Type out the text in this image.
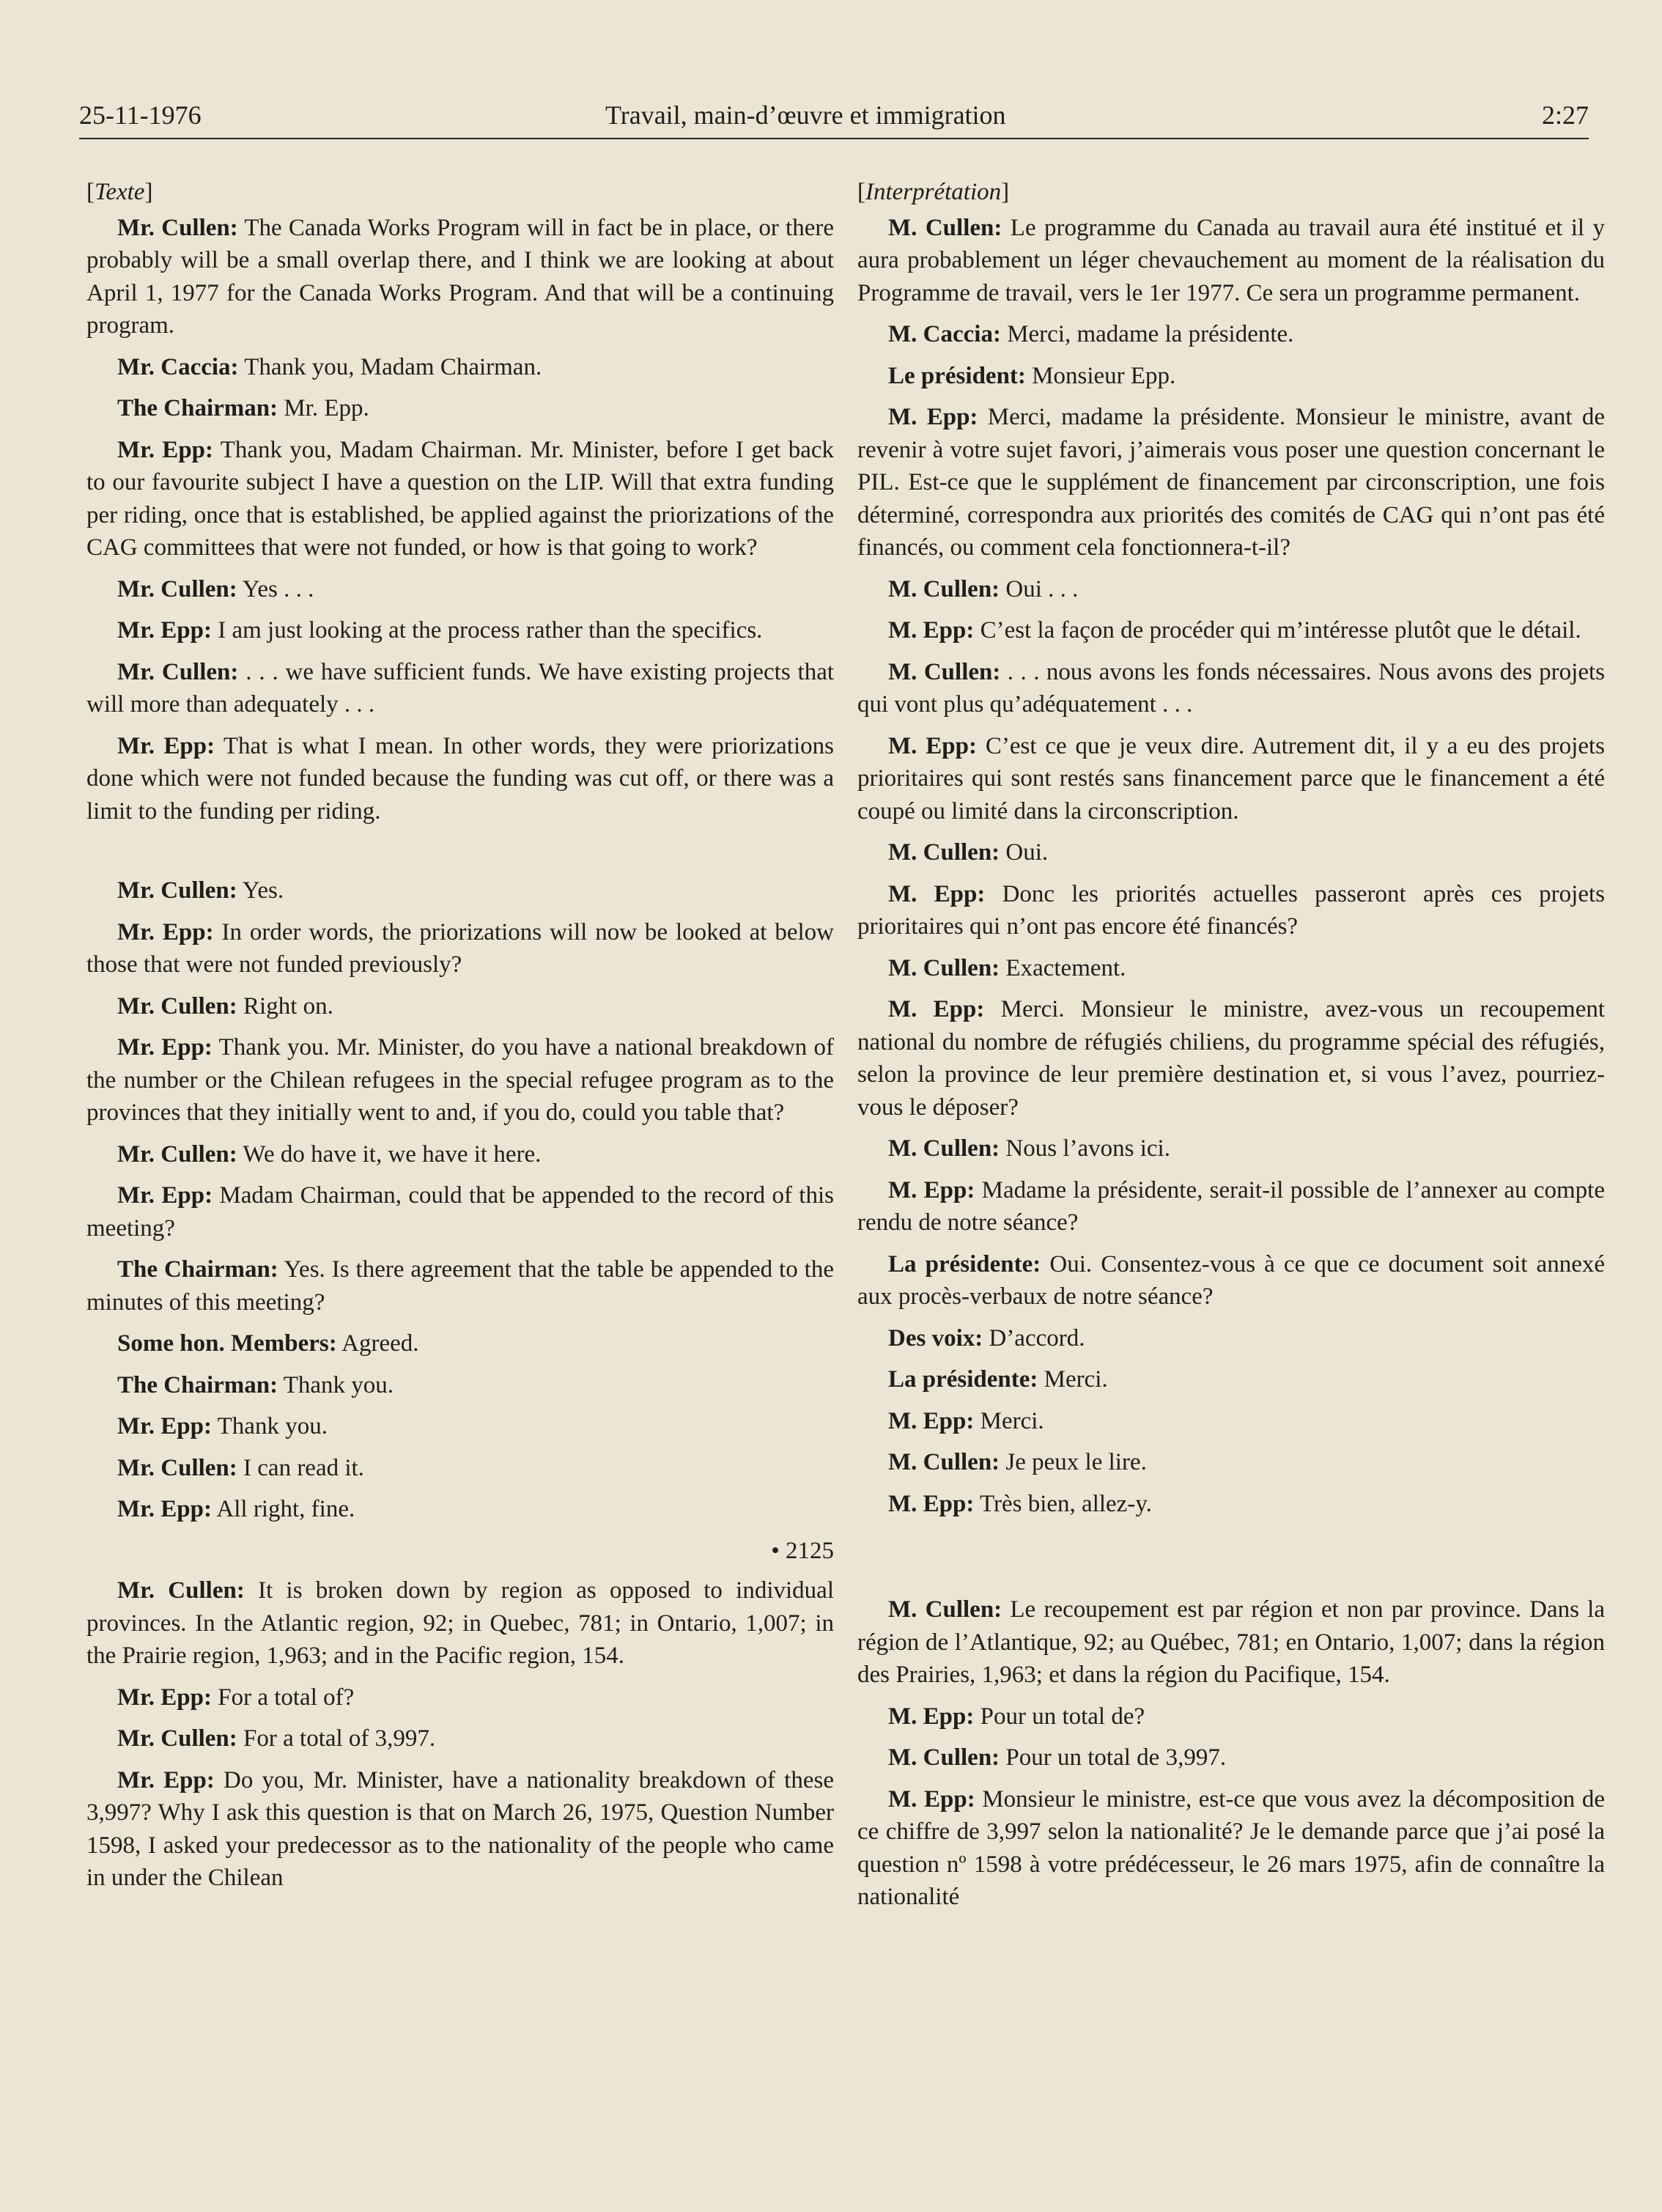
25-11-1976	Travail, main-d’œuvre et immigration	2:27

[Texte]

Mr. Cullen: The Canada Works Program will in fact be in place, or there probably will be a small overlap there, and I think we are looking at about April 1, 1977 for the Canada Works Program. And that will be a continuing program.

Mr. Caccia: Thank you, Madam Chairman.

The Chairman: Mr. Epp.

Mr. Epp: Thank you, Madam Chairman. Mr. Minister, before I get back to our favourite subject I have a question on the LIP. Will that extra funding per riding, once that is established, be applied against the priorizations of the CAG committees that were not funded, or how is that going to work?

Mr. Cullen: Yes . . .

Mr. Epp: I am just looking at the process rather than the specifics.

Mr. Cullen: . . . we have sufficient funds. We have existing projects that will more than adequately . . .

Mr. Epp: That is what I mean. In other words, they were priorizations done which were not funded because the funding was cut off, or there was a limit to the funding per riding.

Mr. Cullen: Yes.

Mr. Epp: In order words, the priorizations will now be looked at below those that were not funded previously?

Mr. Cullen: Right on.

Mr. Epp: Thank you. Mr. Minister, do you have a national breakdown of the number or the Chilean refugees in the special refugee program as to the provinces that they initially went to and, if you do, could you table that?

Mr. Cullen: We do have it, we have it here.

Mr. Epp: Madam Chairman, could that be appended to the record of this meeting?

The Chairman: Yes. Is there agreement that the table be appended to the minutes of this meeting?

Some hon. Members: Agreed.

The Chairman: Thank you.

Mr. Epp: Thank you.

Mr. Cullen: I can read it.

Mr. Epp: All right, fine.

• 2125

Mr. Cullen: It is broken down by region as opposed to individual provinces. In the Atlantic region, 92; in Quebec, 781; in Ontario, 1,007; in the Prairie region, 1,963; and in the Pacific region, 154.

Mr. Epp: For a total of?

Mr. Cullen: For a total of 3,997.

Mr. Epp: Do you, Mr. Minister, have a nationality breakdown of these 3,997? Why I ask this question is that on March 26, 1975, Question Number 1598, I asked your predecessor as to the nationality of the people who came in under the Chilean

[Interprétation]

M. Cullen: Le programme du Canada au travail aura été institué et il y aura probablement un léger chevauchement au moment de la réalisation du Programme de travail, vers le 1er 1977. Ce sera un programme permanent.

M. Caccia: Merci, madame la présidente.

Le président: Monsieur Epp.

M. Epp: Merci, madame la présidente. Monsieur le ministre, avant de revenir à votre sujet favori, j’aimerais vous poser une question concernant le PIL. Est-ce que le supplément de financement par circonscription, une fois déterminé, correspondra aux priorités des comités de CAG qui n’ont pas été financés, ou comment cela fonctionnera-t-il?

M. Cullen: Oui . . .

M. Epp: C’est la façon de procéder qui m’intéresse plutôt que le détail.

M. Cullen: . . . nous avons les fonds nécessaires. Nous avons des projets qui vont plus qu’adéquatement . . .

M. Epp: C’est ce que je veux dire. Autrement dit, il y a eu des projets prioritaires qui sont restés sans financement parce que le financement a été coupé ou limité dans la circonscription.

M. Cullen: Oui.

M. Epp: Donc les priorités actuelles passeront après ces projets prioritaires qui n’ont pas encore été financés?

M. Cullen: Exactement.

M. Epp: Merci. Monsieur le ministre, avez-vous un recoupement national du nombre de réfugiés chiliens, du programme spécial des réfugiés, selon la province de leur première destination et, si vous l’avez, pourriez-vous le déposer?

M. Cullen: Nous l’avons ici.

M. Epp: Madame la présidente, serait-il possible de l’annexer au compte rendu de notre séance?

La présidente: Oui. Consentez-vous à ce que ce document soit annexé aux procès-verbaux de notre séance?

Des voix: D’accord.

La présidente: Merci.

M. Epp: Merci.

M. Cullen: Je peux le lire.

M. Epp: Très bien, allez-y.

M. Cullen: Le recoupement est par région et non par province. Dans la région de l’Atlantique, 92; au Québec, 781; en Ontario, 1,007; dans la région des Prairies, 1,963; et dans la région du Pacifique, 154.

M. Epp: Pour un total de?

M. Cullen: Pour un total de 3,997.

M. Epp: Monsieur le ministre, est-ce que vous avez la décomposition de ce chiffre de 3,997 selon la nationalité? Je le demande parce que j’ai posé la question nº 1598 à votre prédécesseur, le 26 mars 1975, afin de connaître la nationalité
